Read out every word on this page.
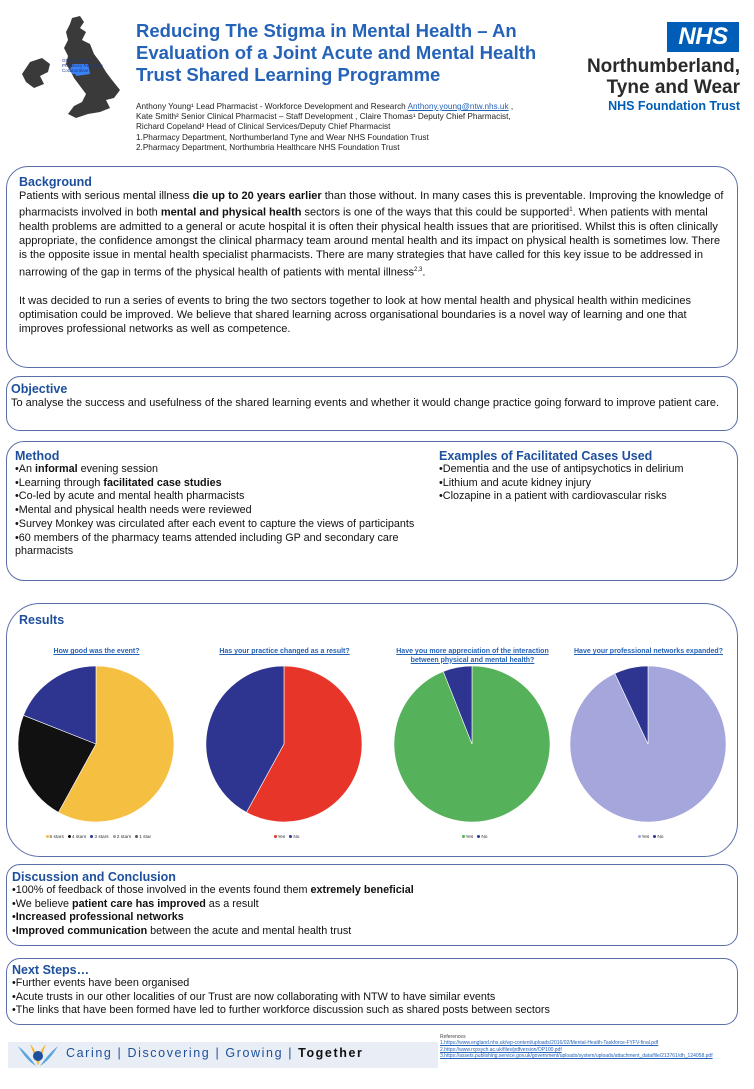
GREAT NORTH Pharmacy Research Collaborative
Reducing The Stigma in Mental Health – An Evaluation of a Joint Acute and Mental Health Trust Shared Learning Programme
Anthony Young¹ Lead Pharmacist - Workforce Development and Research Anthony.young@ntw.nhs.uk ,
Kate Smith² Senior Clinical Pharmacist – Staff Development , Claire Thomas¹ Deputy Chief Pharmacist,
Richard Copeland² Head of Clinical Services/Deputy Chief Pharmacist
1.Pharmacy Department, Northumberland Tyne and Wear NHS Foundation Trust
2.Pharmacy Department, Northumbria Healthcare NHS Foundation Trust
NHS
Northumberland,
Tyne and Wear
NHS Foundation Trust
Background

Patients with serious mental illness die up to 20 years earlier than those without. In many cases this is preventable. Improving the knowledge of pharmacists involved in both mental and physical health sectors is one of the ways that this could be supported$^1$. When patients with mental health problems are admitted to a general or acute hospital it is often their physical health issues that are prioritised. Whilst this is often clinically appropriate, the confidence amongst the clinical pharmacy team around mental health and its impact on physical health is sometimes low. There is the opposite issue in mental health specialist pharmacists. There are many strategies that have called for this key issue to be addressed in narrowing of the gap in terms of the physical health of patients with mental illness$^{2,3}$.

It was decided to run a series of events to bring the two sectors together to look at how mental health and physical health within medicines optimisation could be improved. We believe that shared learning across organisational boundaries is a novel way of learning and one that improves professional networks as well as competence.

Objective
To analyse the success and usefulness of the shared learning events and whether it would change practice going forward to improve patient care.
Method
•An informal evening session
•Learning through facilitated case studies
•Co-led by acute and mental health pharmacists
•Mental and physical health needs were reviewed
•Survey Monkey was circulated after each event to capture the views of participants
•60 members of the pharmacy teams attended including GP and secondary care pharmacists
Examples of Facilitated Cases Used
•Dementia and the use of antipsychotics in delirium
•Lithium and acute kidney injury
•Clozapine in a patient with cardiovascular risks
Results
How good was the event?
5 stars 4 stars 3 stars 2 stars 1 star
Has your practice changed as a result?
Yes No
Have you more appreciation of the interaction between physical and mental health?
Yes No
Have your professional networks expanded?
Yes No
Discussion and Conclusion
•100% of feedback of those involved in the events found them extremely beneficial
•We believe patient care has improved as a result
•Increased professional networks
•Improved communication between the acute and mental health trust
Next Steps…
•Further events have been organised
•Acute trusts in our other localities of our Trust are now collaborating with NTW to have similar events
•The links that have been formed have led to further workforce discussion such as shared posts between sectors
Caring | Discovering | Growing | Together
References
1.https://www.england.nhs.uk/wp-content/uploads/2016/02/Mental-Health-Taskforce-FYFV-final.pdf
2.https://www.rcpsych.ac.uk/files/pdfversion/OP100.pdf
3.https://assets.publishing.service.gov.uk/government/uploads/system/uploads/attachment_data/file/213761/dh_124058.pdf
